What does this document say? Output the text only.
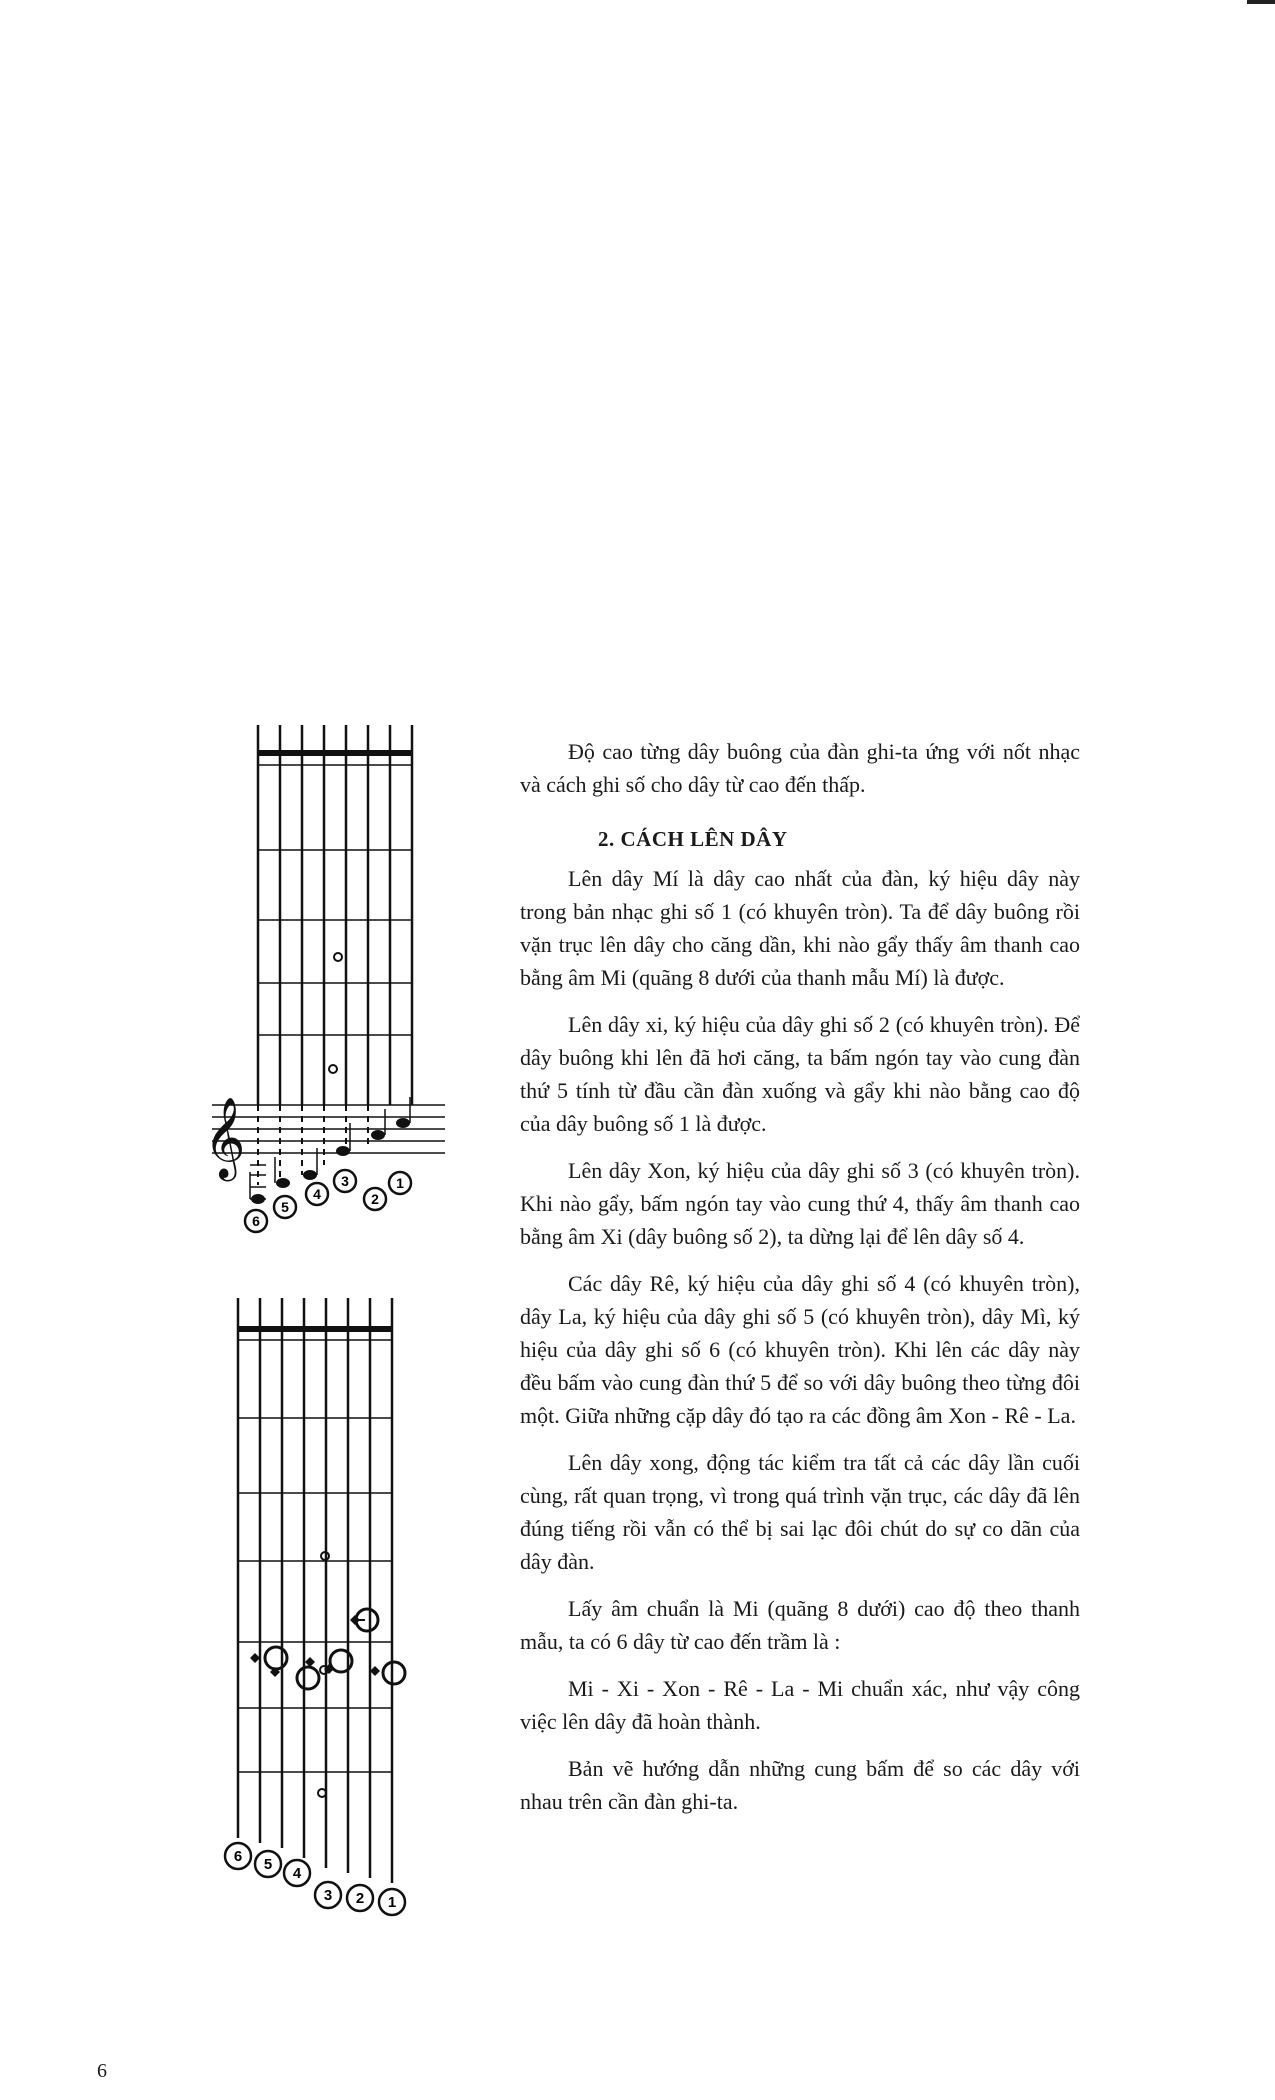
𝄞
6
5
4
3
2
1
6 5
4
3 2 1

Độ cao từng dây buông của đàn ghi-ta ứng với nốt nhạc và cách ghi số cho dây từ cao đến thấp.

2. CÁCH LÊN DÂY

Lên dây Mí là dây cao nhất của đàn, ký hiệu dây này trong bản nhạc ghi số 1 (có khuyên tròn). Ta để dây buông rồi vặn trục lên dây cho căng dần, khi nào gẩy thấy âm thanh cao bằng âm Mi (quãng 8 dưới của thanh mẫu Mí) là được.

Lên dây xi, ký hiệu của dây ghi số 2 (có khuyên tròn). Để dây buông khi lên đã hơi căng, ta bấm ngón tay vào cung đàn thứ 5 tính từ đầu cần đàn xuống và gẩy khi nào bằng cao độ của dây buông số 1 là được.

Lên dây Xon, ký hiệu của dây ghi số 3 (có khuyên tròn). Khi nào gẩy, bấm ngón tay vào cung thứ 4, thấy âm thanh cao bằng âm Xi (dây buông số 2), ta dừng lại để lên dây số 4.

Các dây Rê, ký hiệu của dây ghi số 4 (có khuyên tròn), dây La, ký hiệu của dây ghi số 5 (có khuyên tròn), dây Mì, ký hiệu của dây ghi số 6 (có khuyên tròn). Khi lên các dây này đều bấm vào cung đàn thứ 5 để so với dây buông theo từng đôi một. Giữa những cặp dây đó tạo ra các đồng âm Xon - Rê - La.

Lên dây xong, động tác kiểm tra tất cả các dây lần cuối cùng, rất quan trọng, vì trong quá trình vặn trục, các dây đã lên đúng tiếng rồi vẫn có thể bị sai lạc đôi chút do sự co dãn của dây đàn.

Lấy âm chuẩn là Mi (quãng 8 dưới) cao độ theo thanh mẫu, ta có 6 dây từ cao đến trầm là :

Mi - Xi - Xon - Rê - La - Mi chuẩn xác, như vậy công việc lên dây đã hoàn thành.

Bản vẽ hướng dẫn những cung bấm để so các dây với nhau trên cần đàn ghi-ta.

6
